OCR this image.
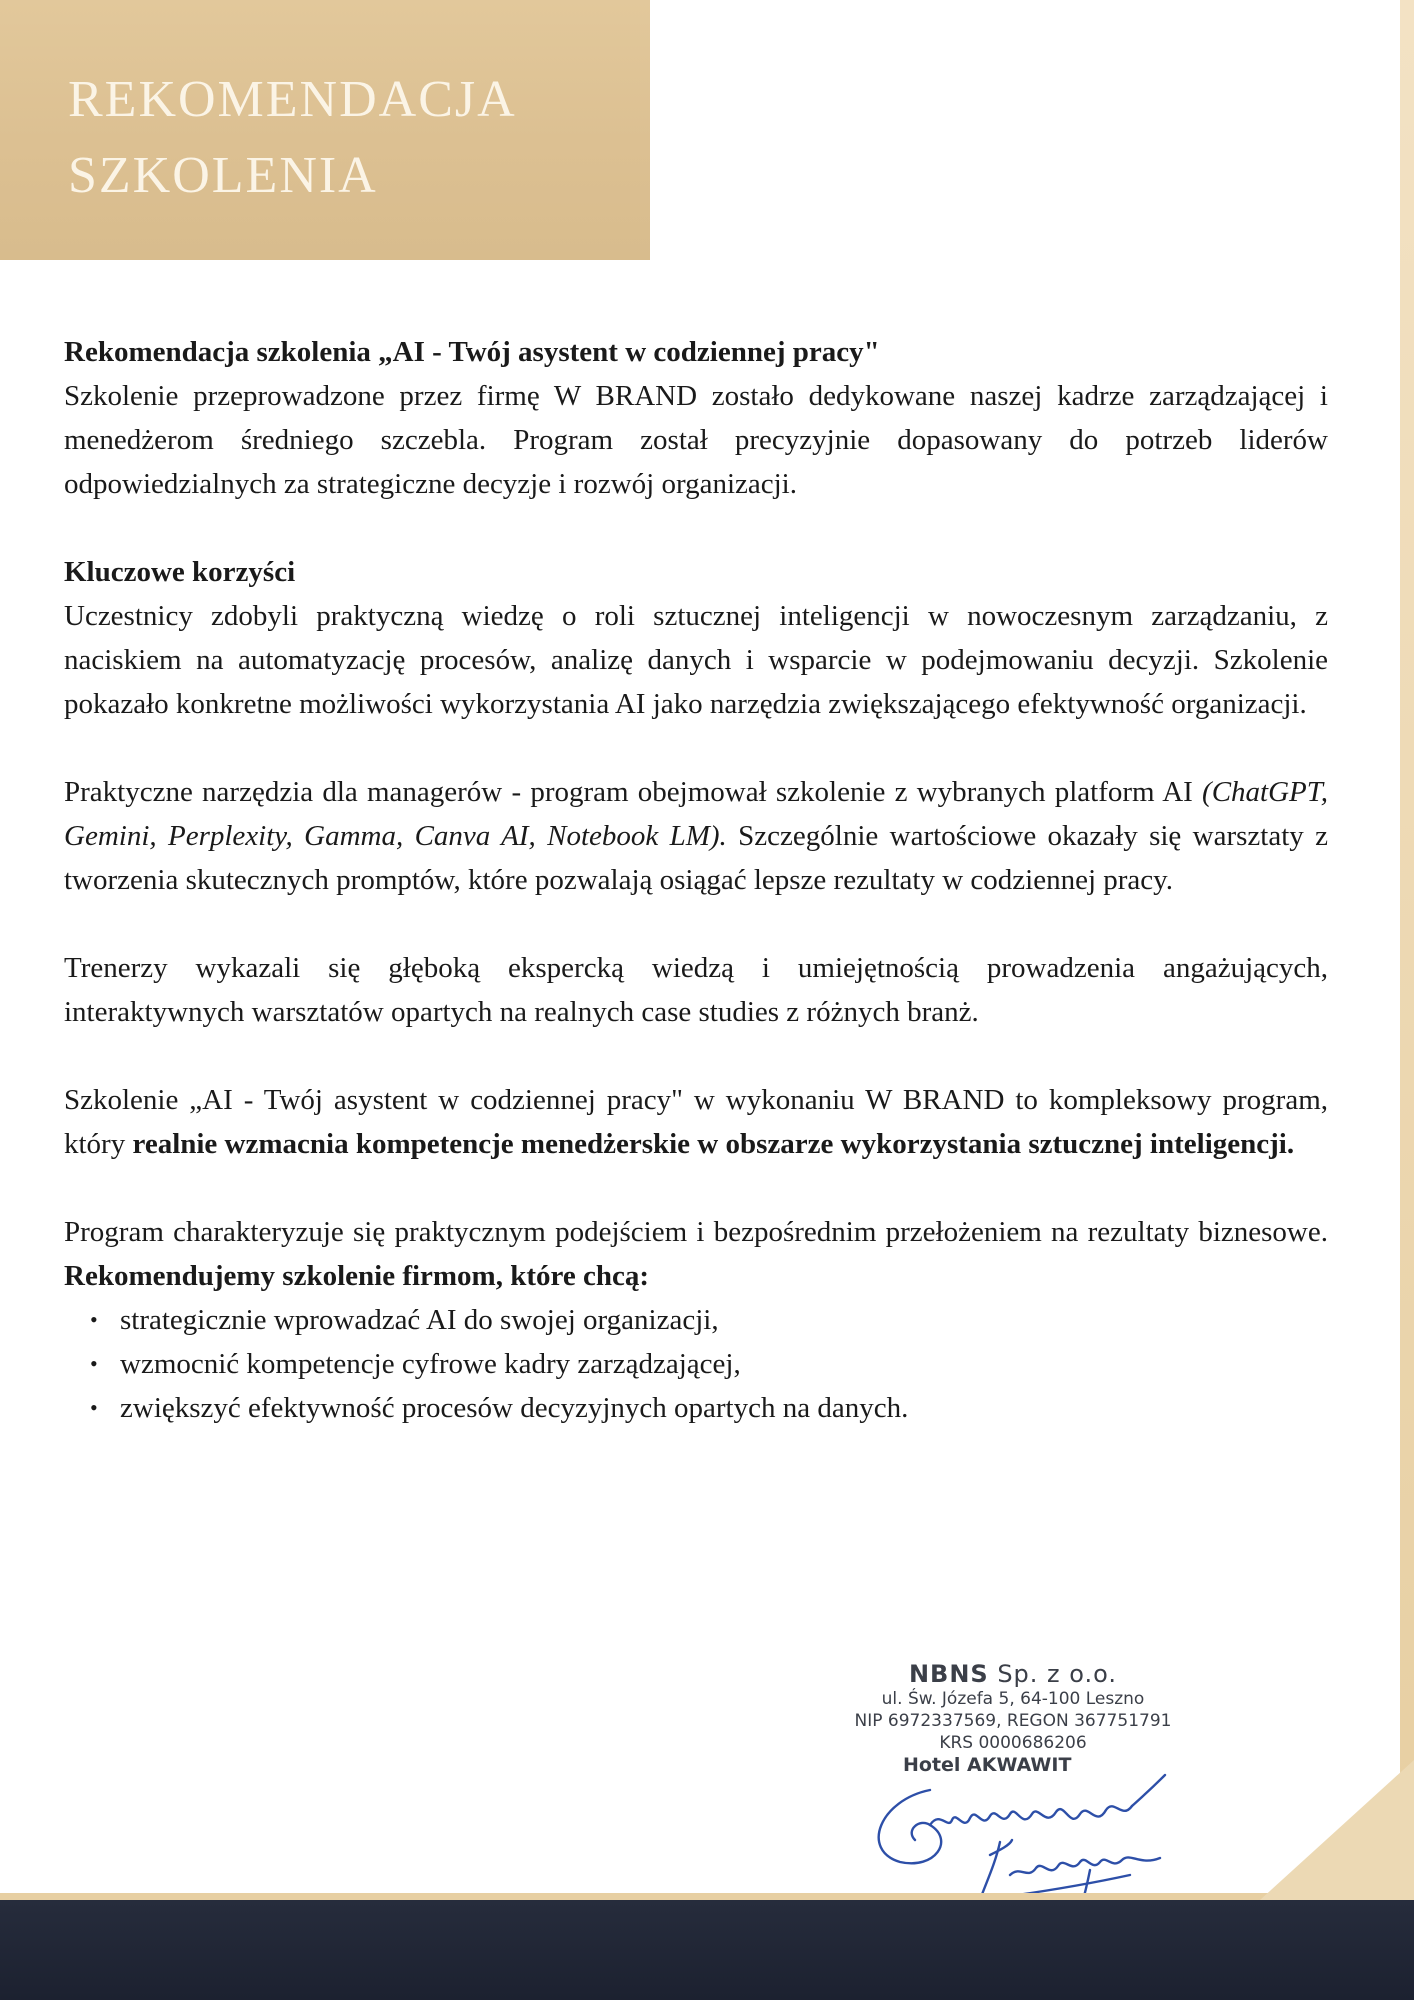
REKOMENDACJA
SZKOLENIA

Rekomendacja szkolenia „AI - Twój asystent w codziennej pracy"

Szkolenie przeprowadzone przez firmę W BRAND zostało dedykowane naszej kadrze zarządzającej i menedżerom średniego szczebla. Program został precyzyjnie dopasowany do potrzeb liderów odpowiedzialnych za strategiczne decyzje i rozwój organizacji.

Kluczowe korzyści

Uczestnicy zdobyli praktyczną wiedzę o roli sztucznej inteligencji w nowoczesnym zarządzaniu, z naciskiem na automatyzację procesów, analizę danych i wsparcie w podejmowaniu decyzji. Szkolenie pokazało konkretne możliwości wykorzystania AI jako narzędzia zwiększającego efektywność organizacji.

Praktyczne narzędzia dla managerów - program obejmował szkolenie z wybranych platform AI (ChatGPT, Gemini, Perplexity, Gamma, Canva AI, Notebook LM). Szczególnie wartościowe okazały się warsztaty z tworzenia skutecznych promptów, które pozwalają osiągać lepsze rezultaty w codziennej pracy.

Trenerzy wykazali się głęboką ekspercką wiedzą i umiejętnością prowadzenia angażujących, interaktywnych warsztatów opartych na realnych case studies z różnych branż.

Szkolenie „AI - Twój asystent w codziennej pracy" w wykonaniu W BRAND to kompleksowy program, który realnie wzmacnia kompetencje menedżerskie w obszarze wykorzystania sztucznej inteligencji.

Program charakteryzuje się praktycznym podejściem i bezpośrednim przełożeniem na rezultaty biznesowe. Rekomendujemy szkolenie firmom, które chcą:

• strategicznie wprowadzać AI do swojej organizacji,
• wzmocnić kompetencje cyfrowe kadry zarządzającej,
• zwiększyć efektywność procesów decyzyjnych opartych na danych.
NBNS Sp. z o.o.
ul. Św. Józefa 5, 64-100 Leszno
NIP 6972337569, REGON 367751791
KRS 0000686206
Hotel AKWAWIT
